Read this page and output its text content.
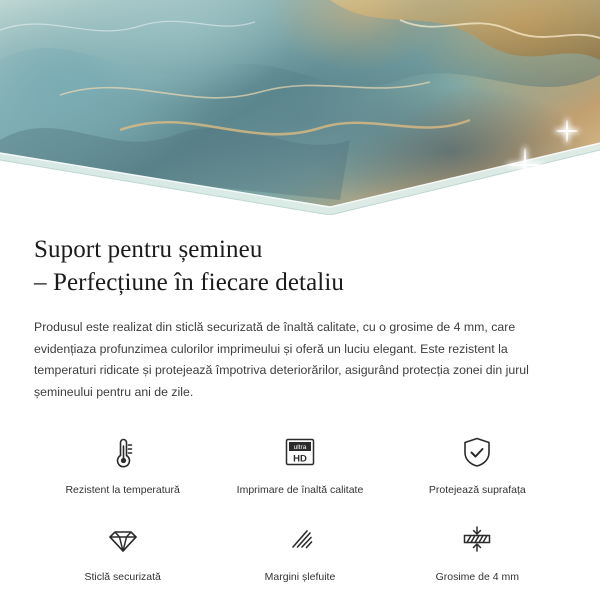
Suport pentru șemineu
– Perfecțiune în fiecare detaliu

Produsul este realizat din sticlă securizată de înaltă calitate, cu o grosime de 4 mm, care evidențiaza profunzimea culorilor imprimeului și oferă un luciu elegant. Este rezistent la temperaturi ridicate și protejează împotriva deteriorărilor, asigurând protecția zonei din jurul șemineului pentru ani de zile.

Rezistent la temperatură
ultra
HD
Imprimare de înaltă calitate	Protejează suprafața
Sticlă securizată	Margini șlefuite	Grosime de 4 mm
